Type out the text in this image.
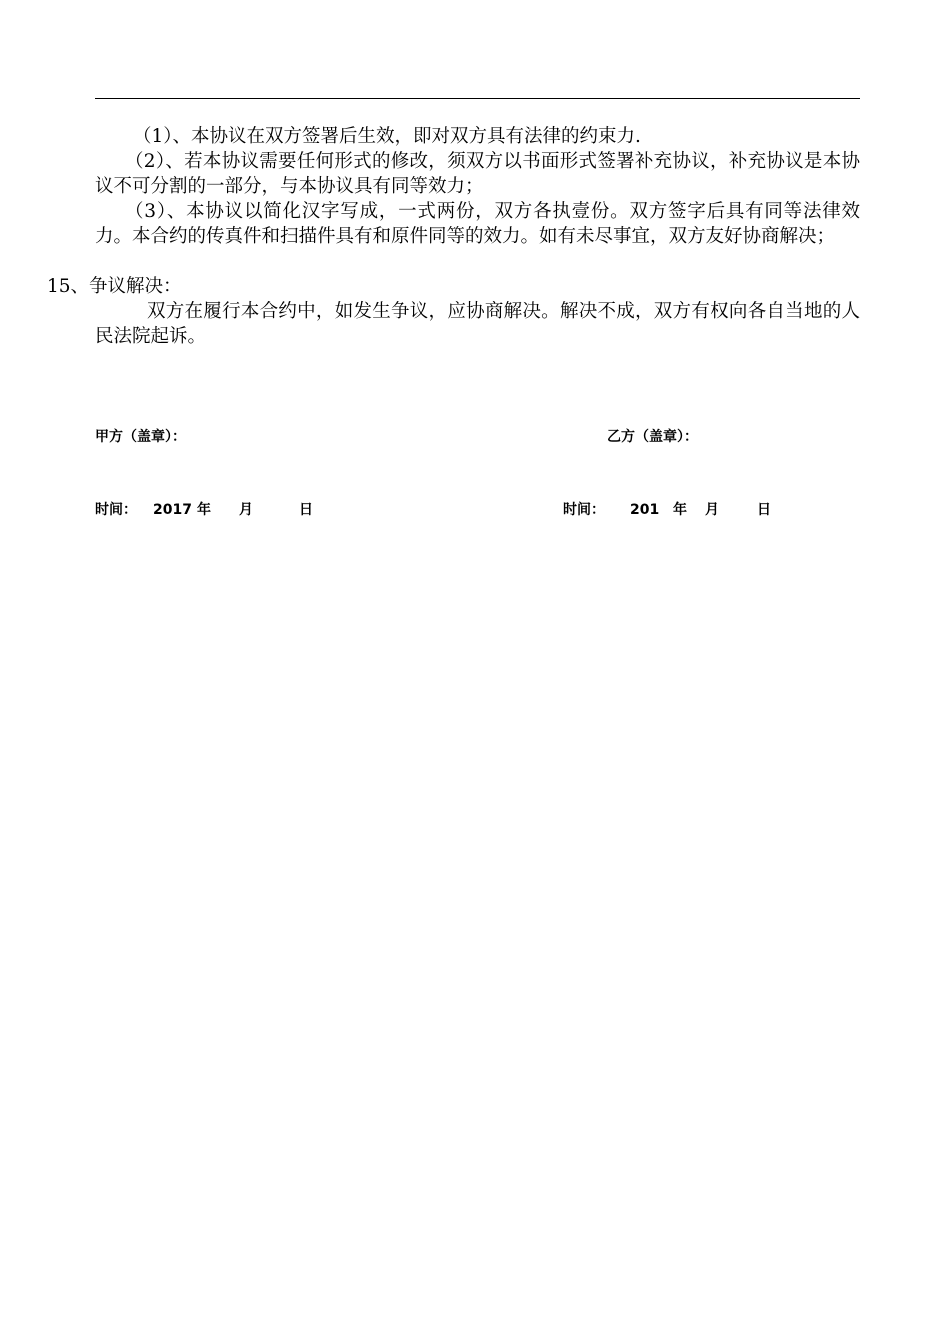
（1）、本协议在双方签署后生效，即对双方具有法律的约束力.
（2）、若本协议需要任何形式的修改，须双方以书面形式签署补充协议，补充协议是本协议不可分割的一部分，与本协议具有同等效力；
（3）、本协议以简化汉字写成，一式两份，双方各执壹份。双方签字后具有同等法律效力。本合约的传真件和扫描件具有和原件同等的效力。如有未尽事宜，双方友好协商解决；
15、争议解决：
双方在履行本合约中，如发生争议，应协商解决。解决不成，双方有权向各自当地的人民法院起诉。
甲方（盖章）：	乙方（盖章）：
时间： 2017 年 月	日	时间： 201 年 月	日
